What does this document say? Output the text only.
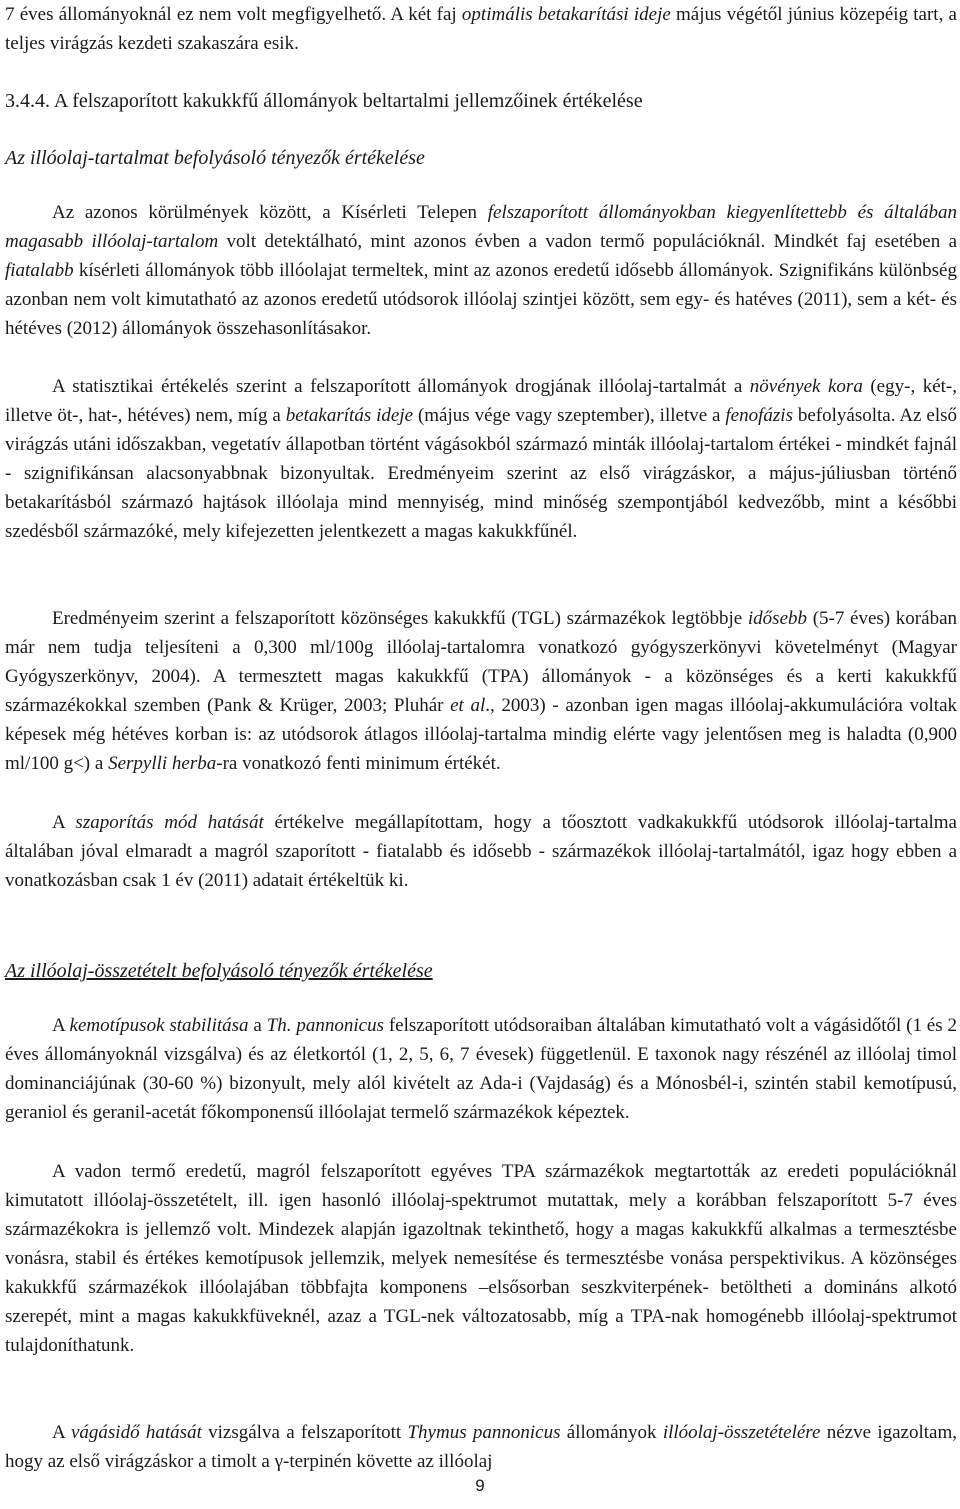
7 éves állományoknál ez nem volt megfigyelhető. A két faj optimális betakarítási ideje május végétől június közepéig tart, a teljes virágzás kezdeti szakaszára esik.
3.4.4. A felszaporított kakukkfű állományok beltartalmi jellemzőinek értékelése
Az illóolaj-tartalmat befolyásoló tényezők értékelése
Az azonos körülmények között, a Kísérleti Telepen felszaporított állományokban kiegyenlítettebb és általában magasabb illóolaj-tartalom volt detektálható, mint azonos évben a vadon termő populációknál. Mindkét faj esetében a fiatalabb kísérleti állományok több illóolajat termeltek, mint az azonos eredetű idősebb állományok. Szignifikáns különbség azonban nem volt kimutatható az azonos eredetű utódsorok illóolaj szintjei között, sem egy- és hatéves (2011), sem a két- és hétéves (2012) állományok összehasonlításakor.
A statisztikai értékelés szerint a felszaporított állományok drogjának illóolaj-tartalmát a növények kora (egy-, két-, illetve öt-, hat-, hétéves) nem, míg a betakarítás ideje (május vége vagy szeptember), illetve a fenofázis befolyásolta. Az első virágzás utáni időszakban, vegetatív állapotban történt vágásokból származó minták illóolaj-tartalom értékei - mindkét fajnál - szignifikánsan alacsonyabbnak bizonyultak. Eredményeim szerint az első virágzáskor, a május-júliusban történő betakarításból származó hajtások illóolaja mind mennyiség, mind minőség szempontjából kedvezőbb, mint a későbbi szedésből származóké, mely kifejezetten jelentkezett a magas kakukkfűnél.
Eredményeim szerint a felszaporított közönséges kakukkfű (TGL) származékok legtöbbje idősebb (5-7 éves) korában már nem tudja teljesíteni a 0,300 ml/100g illóolaj-tartalomra vonatkozó gyógyszerkönyvi követelményt (Magyar Gyógyszerkönyv, 2004). A termesztett magas kakukkfű (TPA) állományok - a közönséges és a kerti kakukkfű származékokkal szemben (Pank & Krüger, 2003; Pluhár et al., 2003) - azonban igen magas illóolaj-akkumulációra voltak képesek még hétéves korban is: az utódsorok átlagos illóolaj-tartalma mindig elérte vagy jelentősen meg is haladta (0,900 ml/100 g<) a Serpylli herba-ra vonatkozó fenti minimum értékét.
A szaporítás mód hatását értékelve megállapítottam, hogy a tőosztott vadkakukkfű utódsorok illóolaj-tartalma általában jóval elmaradt a magról szaporított - fiatalabb és idősebb - származékok illóolaj-tartalmától, igaz hogy ebben a vonatkozásban csak 1 év (2011) adatait értékeltük ki.
Az illóolaj-összetételt befolyásoló tényezők értékelése
A kemotípusok stabilitása a Th. pannonicus felszaporított utódsoraiban általában kimutatható volt a vágásidőtől (1 és 2 éves állományoknál vizsgálva) és az életkortól (1, 2, 5, 6, 7 évesek) függetlenül. E taxonok nagy részénél az illóolaj timol dominanciájúnak (30-60 %) bizonyult, mely alól kivételt az Ada-i (Vajdaság) és a Mónosbél-i, szintén stabil kemotípusú, geraniol és geranil-acetát főkomponensű illóolajat termelő származékok képeztek.
A vadon termő eredetű, magról felszaporított egyéves TPA származékok megtartották az eredeti populációknál kimutatott illóolaj-összetételt, ill. igen hasonló illóolaj-spektrumot mutattak, mely a korábban felszaporított 5-7 éves származékokra is jellemző volt. Mindezek alapján igazoltnak tekinthető, hogy a magas kakukkfű alkalmas a termesztésbe vonásra, stabil és értékes kemotípusok jellemzik, melyek nemesítése és termesztésbe vonása perspektivikus. A közönséges kakukkfű származékok illóolajában többfajta komponens –elsősorban seszkviterpének- betöltheti a domináns alkotó szerepét, mint a magas kakukkfüveknél, azaz a TGL-nek változatosabb, míg a TPA-nak homogénebb illóolaj-spektrumot tulajdoníthatunk.
A vágásidő hatását vizsgálva a felszaporított Thymus pannonicus állományok illóolaj-összetételére nézve igazoltam, hogy az első virágzáskor a timolt a γ-terpinén követte az illóolaj
9
